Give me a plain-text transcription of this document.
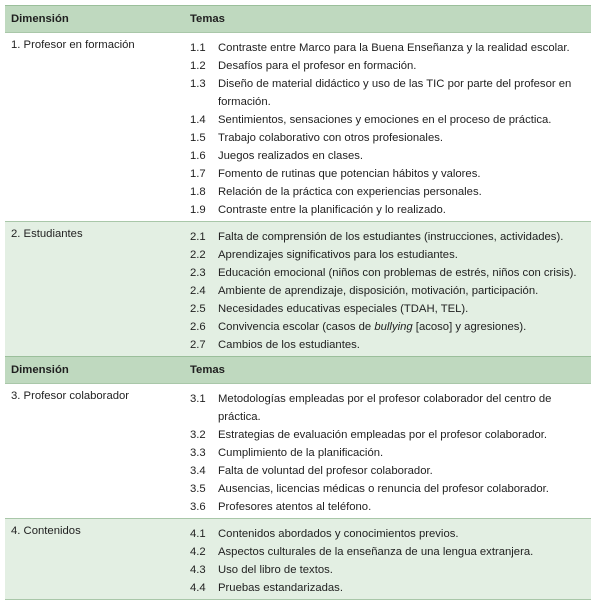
Dimensión	Temas
1. Profesor en formación	1.1 Contraste entre Marco para la Buena Enseñanza y la realidad escolar.
1.2 Desafíos para el profesor en formación.
1.3 Diseño de material didáctico y uso de las TIC por parte del profesor en formación.
1.4 Sentimientos, sensaciones y emociones en el proceso de práctica.
1.5 Trabajo colaborativo con otros profesionales.
1.6 Juegos realizados en clases.
1.7 Fomento de rutinas que potencian hábitos y valores.
1.8 Relación de la práctica con experiencias personales.
1.9 Contraste entre la planificación y lo realizado.
2. Estudiantes	2.1 Falta de comprensión de los estudiantes (instrucciones, actividades).
2.2 Aprendizajes significativos para los estudiantes.
2.3 Educación emocional (niños con problemas de estrés, niños con crisis).
2.4 Ambiente de aprendizaje, disposición, motivación, participación.
2.5 Necesidades educativas especiales (TDAH, TEL).
2.6 Convivencia escolar (casos de bullying [acoso] y agresiones).
2.7 Cambios de los estudiantes.
Dimensión	Temas
3. Profesor colaborador	3.1 Metodologías empleadas por el profesor colaborador del centro de práctica.
3.2 Estrategias de evaluación empleadas por el profesor colaborador.
3.3 Cumplimiento de la planificación.
3.4 Falta de voluntad del profesor colaborador.
3.5 Ausencias, licencias médicas o renuncia del profesor colaborador.
3.6 Profesores atentos al teléfono.
4. Contenidos	4.1 Contenidos abordados y conocimientos previos.
4.2 Aspectos culturales de la enseñanza de una lengua extranjera.
4.3 Uso del libro de textos.
4.4 Pruebas estandarizadas.
